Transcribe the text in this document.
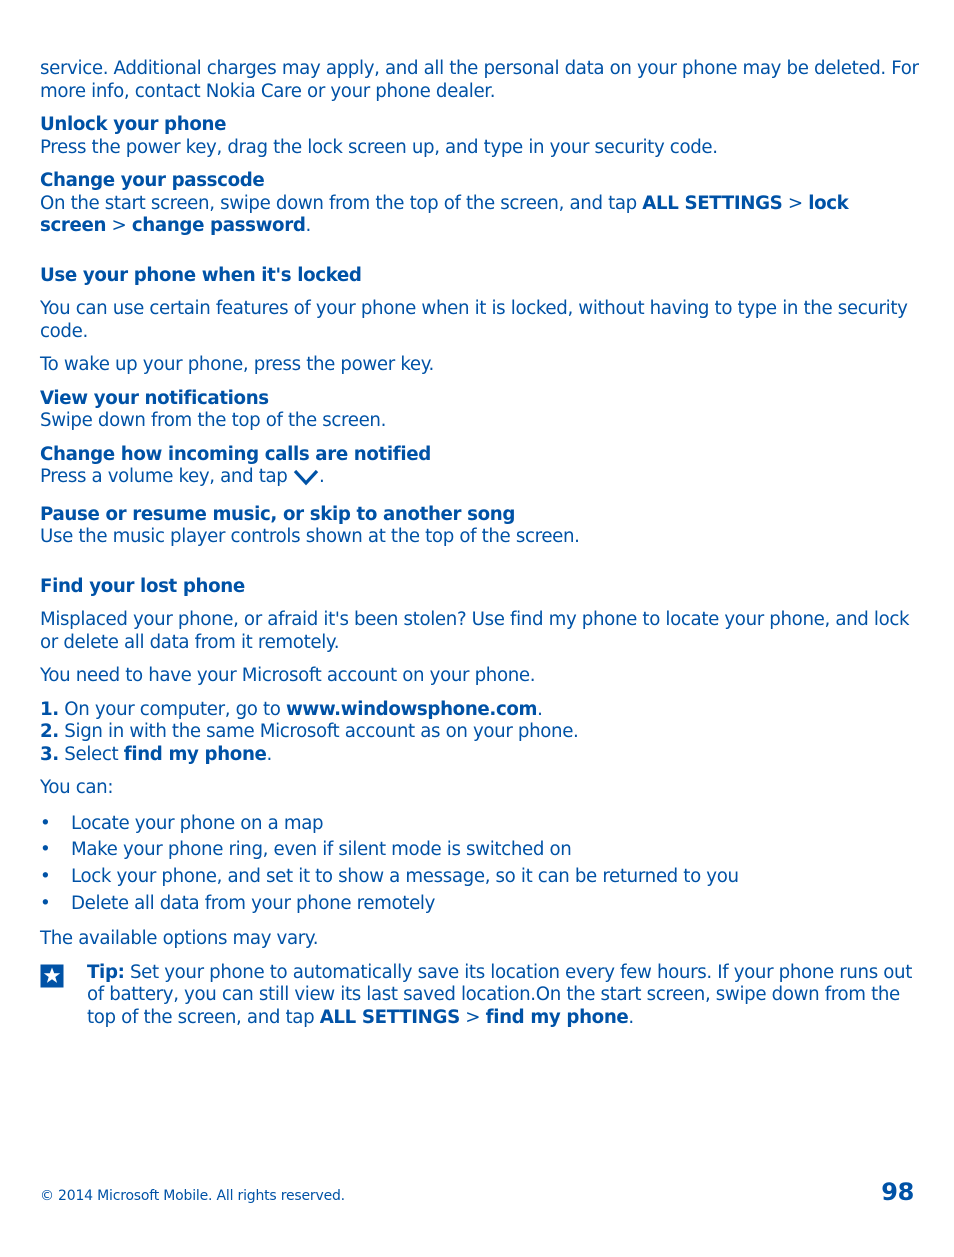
service. Additional charges may apply, and all the personal data on your phone may be deleted. For more info, contact Nokia Care or your phone dealer.

Unlock your phone

Press the power key, drag the lock screen up, and type in your security code.

Change your passcode

On the start screen, swipe down from the top of the screen, and tap ALL SETTINGS > lock screen > change password.

Use your phone when it's locked

You can use certain features of your phone when it is locked, without having to type in the security code.

To wake up your phone, press the power key.

View your notifications

Swipe down from the top of the screen.

Change how incoming calls are notified

Press a volume key, and tap .

Pause or resume music, or skip to another song

Use the music player controls shown at the top of the screen.

Find your lost phone

Misplaced your phone, or afraid it's been stolen? Use find my phone to locate your phone, and lock or delete all data from it remotely.

You need to have your Microsoft account on your phone.

1. On your computer, go to www.windowsphone.com.

2. Sign in with the same Microsoft account as on your phone.

3. Select find my phone.

You can:

• Locate your phone on a map
• Make your phone ring, even if silent mode is switched on
• Lock your phone, and set it to show a message, so it can be returned to you
• Delete all data from your phone remotely

The available options may vary.

Tip: Set your phone to automatically save its location every few hours. If your phone runs out of battery, you can still view its last saved location.On the start screen, swipe down from the top of the screen, and tap ALL SETTINGS > find my phone.

© 2014 Microsoft Mobile. All rights reserved.	98
